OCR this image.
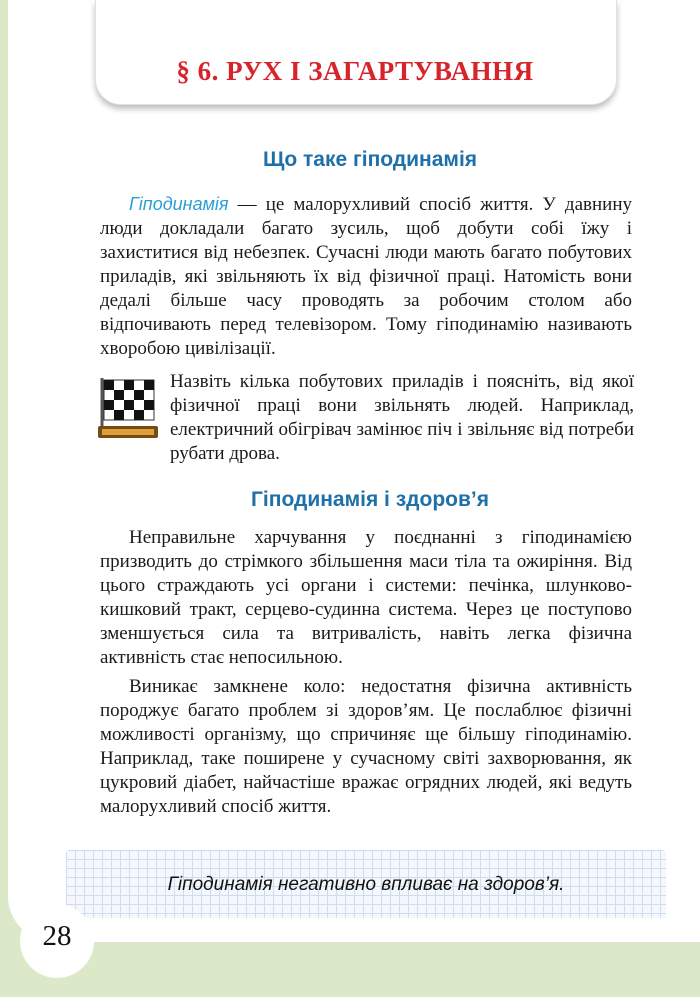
§ 6. РУХ І ЗАГАРТУВАННЯ
Що таке гіподинамія

Гіподинамія — це малорухливий спосіб життя. У давнину люди докладали багато зусиль, щоб добути собі їжу і захиститися від небезпек. Сучасні люди мають багато побутових приладів, які звільняють їх від фізичної праці. Натомість вони дедалі більше часу проводять за робочим столом або відпочивають перед телевізором. Тому гіподинамію називають хворобою цивілізації.

Назвіть кілька побутових приладів і поясніть, від якої фізичної праці вони звільнять людей. Наприклад, електричний обігрівач замінює піч і звільняє від потреби рубати дрова.

Гіподинамія і здоров’я

Неправильне харчування у поєднанні з гіподинамією призводить до стрімкого збільшення маси тіла та ожиріння. Від цього страждають усі органи і системи: печінка, шлунково-кишковий тракт, серцево-судинна система. Через це поступово зменшується сила та витривалість, навіть легка фізична активність стає непосильною.

Виникає замкнене коло: недостатня фізична активність породжує багато проблем зі здоров’ям. Це послаблює фізичні можливості організму, що спричиняє ще більшу гіподинамію. Наприклад, таке поширене у сучасному світі захворювання, як цукровий діабет, найчастіше вражає огрядних людей, які ведуть малорухливий спосіб життя.

Гіподинамія негативно впливає на здоров’я.

28
